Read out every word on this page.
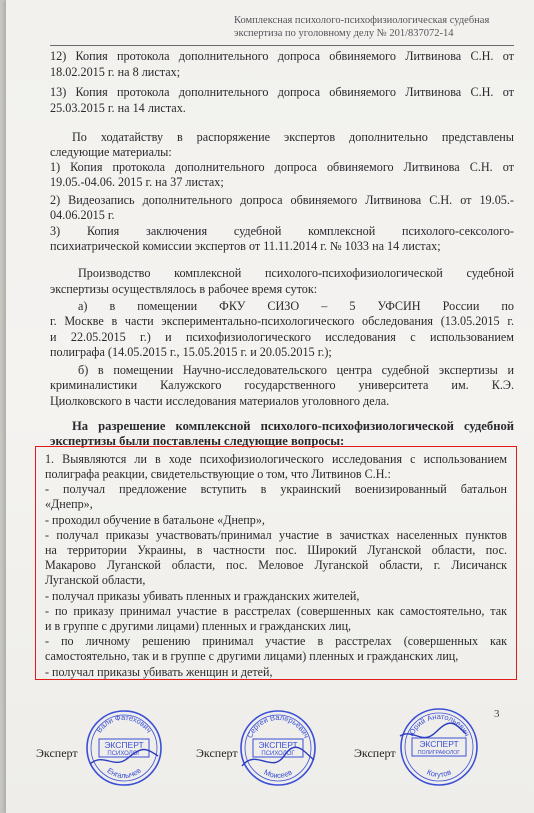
Комплексная психолого-психофизиологическая судебная
экспертиза по уголовному делу № 201/837072-14

12) Копия протокола дополнительного допроса обвиняемого Литвинова С.Н. от

18.02.2015 г. на 8 листах;

13) Копия протокола дополнительного допроса обвиняемого Литвинова С.Н. от

25.03.2015 г. на 14 листах.

По ходатайству в распоряжение экспертов дополнительно представлены

следующие материалы:

1) Копия протокола дополнительного допроса обвиняемого Литвинова С.Н. от

19.05.-04.06. 2015 г. на 37 листах;

2) Видеозапись дополнительного допроса обвиняемого Литвинова С.Н. от 19.05.-

04.06.2015 г.

3) Копия заключения судебной комплексной психолого-сексолого-

психиатрической комиссии экспертов от 11.11.2014 г. № 1033 на 14 листах;

Производство комплексной психолого-психофизиологической судебной

экспертизы осуществлялось в рабочее время суток:

а) в помещении ФКУ СИЗО – 5 УФСИН России по

г. Москве в части экспериментально-психологического обследования (13.05.2015 г.

и 22.05.2015 г.) и психофизиологического исследования с использованием

полиграфа (14.05.2015 г., 15.05.2015 г. и 20.05.2015 г.);

б) в помещении Научно-исследовательского центра судебной экспертизы и

криминалистики Калужского государственного университета им. К.Э.

Циолковского в части исследования материалов уголовного дела.

На разрешение комплексной психолого-психофизиологической судебной

экспертизы были поставлены следующие вопросы:

1. Выявляются ли в ходе психофизиологического исследования с использованием

полиграфа реакции, свидетельствующие о том, что Литвинов С.Н.:

- получал предложение вступить в украинский военизированный батальон

«Днепр»,

- проходил обучение в батальоне «Днепр»,

- получал приказы участвовать/принимал участие в зачистках населенных пунктов

на территории Украины, в частности пос. Широкий Луганской области, пос.

Макарово Луганской области, пос. Меловое Луганской области, г. Лисичанск

Луганской области,

- получал приказы убивать пленных и гражданских жителей,

- по приказу принимал участие в расстрелах (совершенных как самостоятельно, так

и в группе с другими лицами) пленных и гражданских лиц,

- по личному решению принимал участие в расстрелах (совершенных как

самостоятельно, так и в группе с другими лицами) пленных и гражданских лиц,

- получал приказы убивать женщин и детей,

3
Эксперт	Эксперт	Эксперт
Вали Фатехович
Енгалычев
ЭКСПЕРТ
ПСИХОЛОГ
Сергей Валерьевич
Моисеев
ЭКСПЕРТ
ПСИХОЛОГ
Юрий Анатольевич
Когутов
ЭКСПЕРТ
ПОЛИГРАФОЛОГ
